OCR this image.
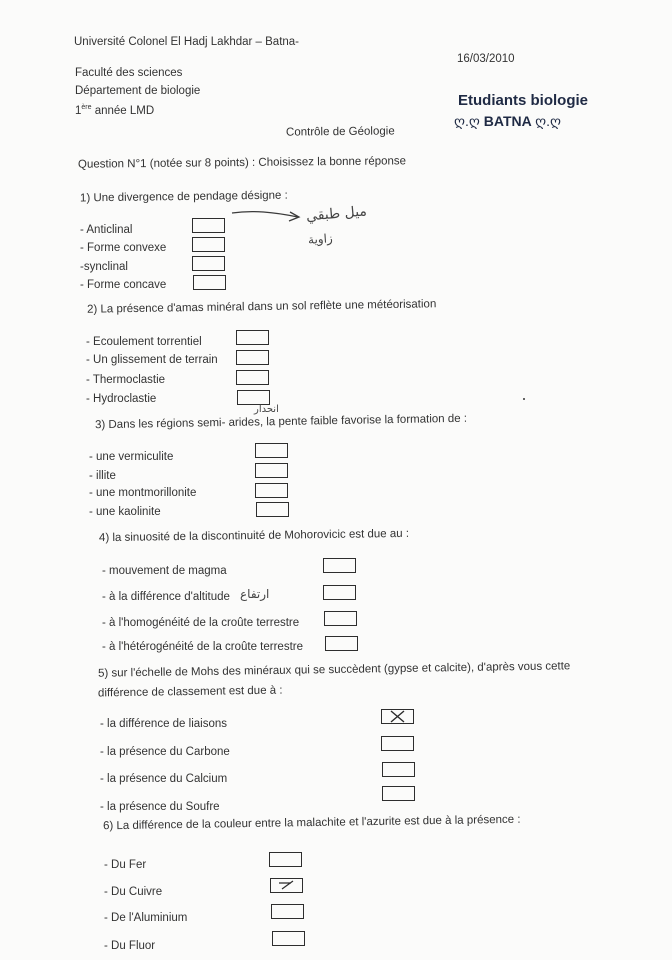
Université Colonel El Hadj Lakhdar – Batna-
Faculté des sciences
Département de biologie
1ère année LMD
16/03/2010
Etudiants biologie
ღ.ღ BATNA ღ.ღ
Contrôle de Géologie
Question N°1 (notée sur 8 points) : Choisissez la bonne réponse
1) Une divergence de pendage désigne :
- Anticlinal
- Forme convexe
-synclinal
- Forme concave
ميل طبقي
زاوية
2) La présence d'amas minéral dans un sol reflète une météorisation
- Ecoulement torrentiel
- Un glissement de terrain
- Thermoclastie
- Hydroclastie
انحدار
3) Dans les régions semi- arides, la pente faible favorise la formation de :
- une vermiculite
- illite
- une montmorillonite
- une kaolinite
4) la sinuosité de la discontinuité de Mohorovicic est due au :
- mouvement de magma
- à la différence d'altitude
- à l'homogénéité de la croûte terrestre
- à l'hétérogénéité de la croûte terrestre
ارتفاع
5) sur l'échelle de Mohs des minéraux qui se succèdent (gypse et calcite), d'après vous cette
différence de classement est due à :
- la différence de liaisons
- la présence du Carbone
- la présence du Calcium
- la présence du Soufre
6) La différence de la couleur entre la malachite et l'azurite est due à la présence :
- Du Fer
- Du Cuivre
- De l'Aluminium
- Du Fluor
